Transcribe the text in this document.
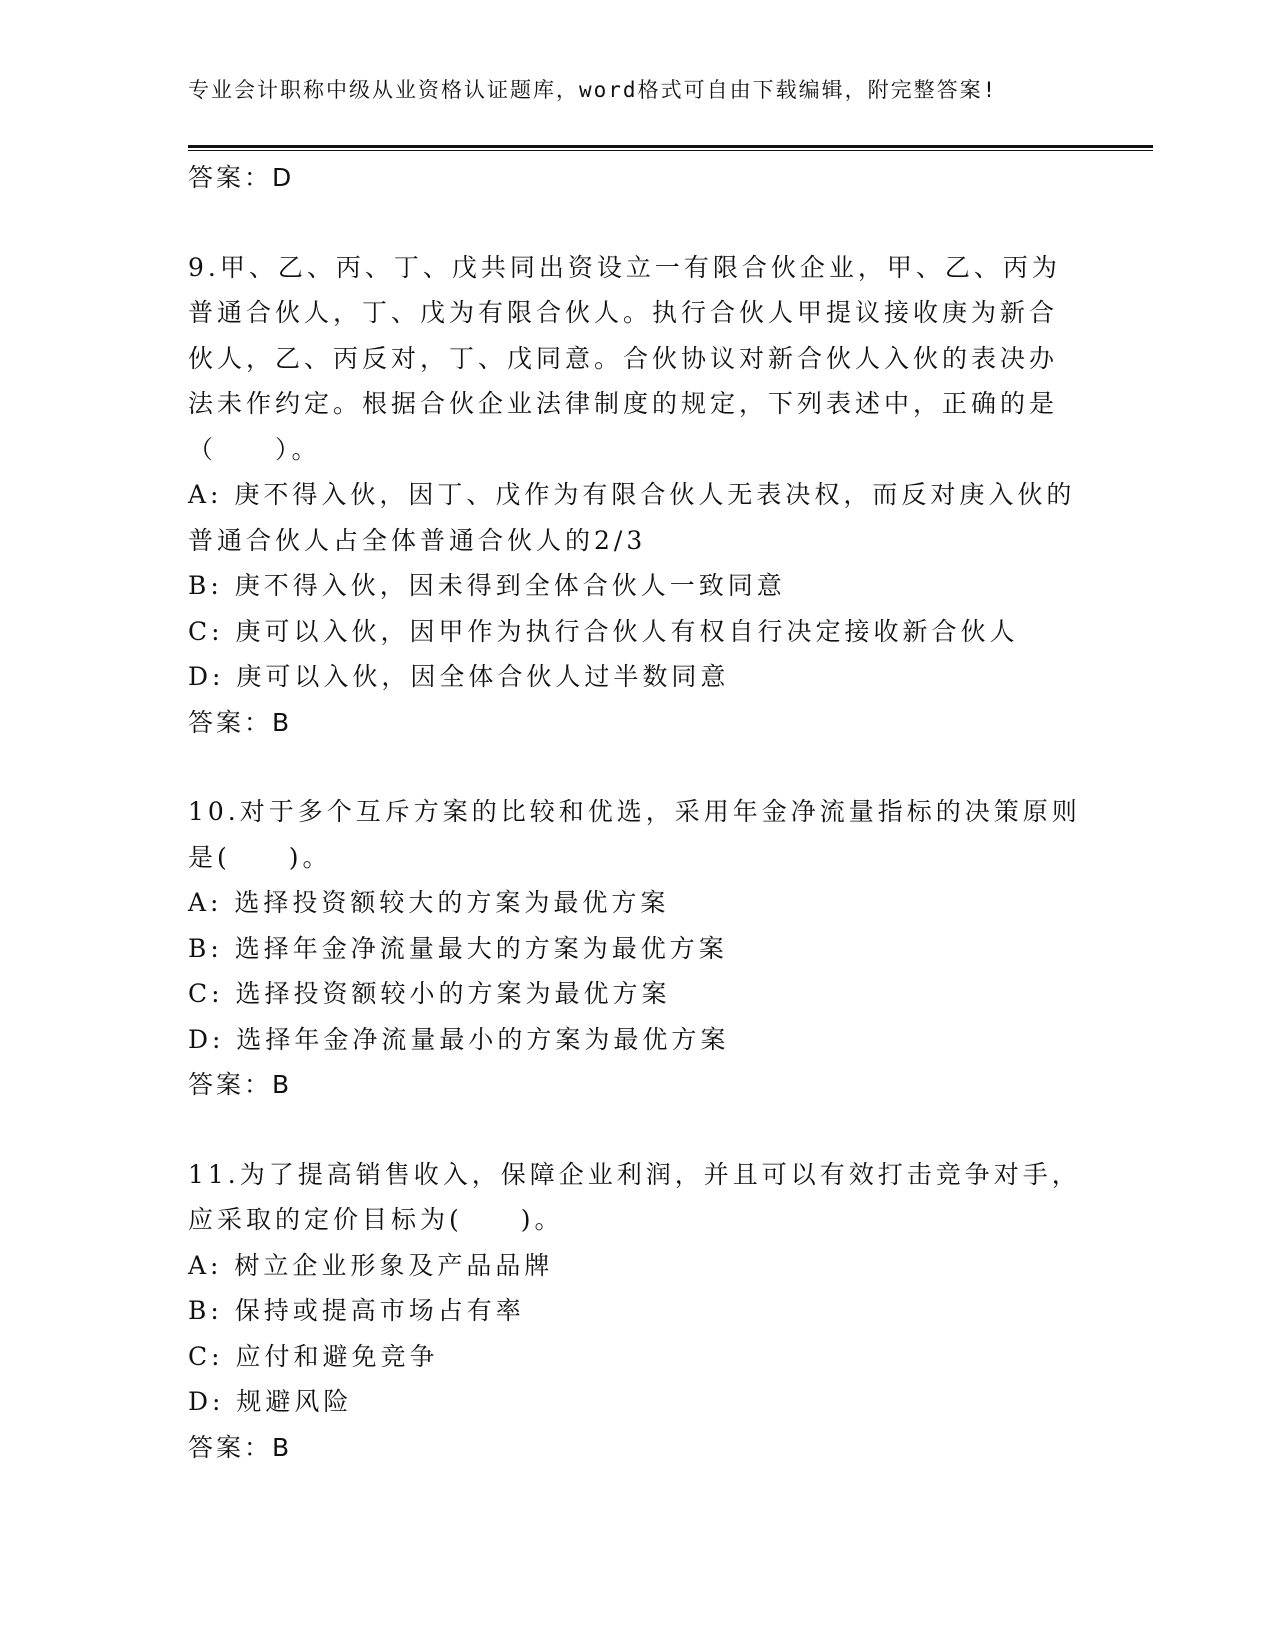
专业会计职称中级从业资格认证题库，word格式可自由下载编辑，附完整答案!
答案：D
9.甲、乙、丙、丁、戊共同出资设立一有限合伙企业，甲、乙、丙为
普通合伙人，丁、戊为有限合伙人。执行合伙人甲提议接收庚为新合
伙人，乙、丙反对，丁、戊同意。合伙协议对新合伙人入伙的表决办
法未作约定。根据合伙企业法律制度的规定，下列表述中，正确的是
（　　）。
A: 庚不得入伙，因丁、戊作为有限合伙人无表决权，而反对庚入伙的
普通合伙人占全体普通合伙人的2/3
B: 庚不得入伙，因未得到全体合伙人一致同意
C: 庚可以入伙，因甲作为执行合伙人有权自行决定接收新合伙人
D: 庚可以入伙，因全体合伙人过半数同意
答案：B
10.对于多个互斥方案的比较和优选，采用年金净流量指标的决策原则
是(　　)。
A: 选择投资额较大的方案为最优方案
B: 选择年金净流量最大的方案为最优方案
C: 选择投资额较小的方案为最优方案
D: 选择年金净流量最小的方案为最优方案
答案：B
11.为了提高销售收入，保障企业利润，并且可以有效打击竞争对手，
应采取的定价目标为(　　)。
A: 树立企业形象及产品品牌
B: 保持或提高市场占有率
C: 应付和避免竞争
D: 规避风险
答案：B
